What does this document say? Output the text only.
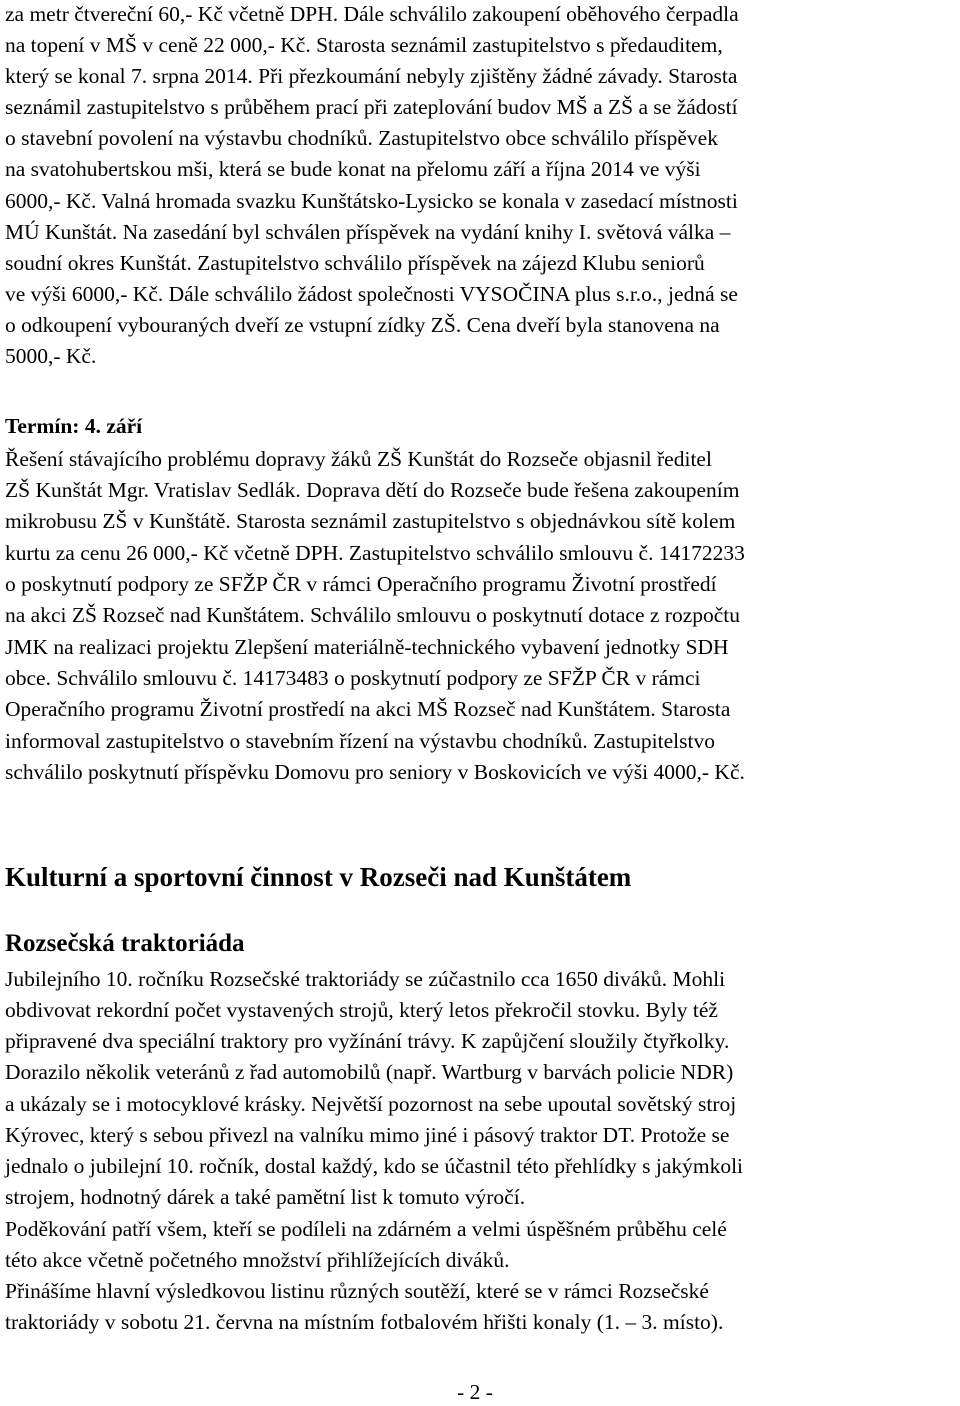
za metr čtvereční 60,- Kč včetně DPH. Dále schválilo zakoupení oběhového čerpadla
na topení v MŠ v ceně 22 000,- Kč. Starosta seznámil zastupitelstvo s předauditem,
který se konal 7. srpna 2014. Při přezkoumání nebyly zjištěny žádné závady. Starosta
seznámil zastupitelstvo s průběhem prací při zateplování budov MŠ a ZŠ a se žádostí
o stavební povolení na výstavbu chodníků. Zastupitelstvo obce schválilo příspěvek
na svatohubertskou mši, která se bude konat na přelomu září a října 2014 ve výši
6000,- Kč. Valná hromada svazku Kunštátsko-Lysicko se konala v zasedací místnosti
MÚ Kunštát. Na zasedání byl schválen příspěvek na vydání knihy I. světová válka –
soudní okres Kunštát. Zastupitelstvo schválilo příspěvek na zájezd Klubu seniorů
ve výši 6000,- Kč. Dále schválilo žádost společnosti VYSOČINA plus s.r.o., jedná se
o odkoupení vybouraných dveří ze vstupní zídky ZŠ. Cena dveří byla stanovena na
5000,- Kč.
Termín: 4. září
Řešení stávajícího problému dopravy žáků ZŠ Kunštát do Rozseče objasnil ředitel
ZŠ Kunštát Mgr. Vratislav Sedlák. Doprava dětí do Rozseče bude řešena zakoupením
mikrobusu ZŠ v Kunštátě. Starosta seznámil zastupitelstvo s objednávkou sítě kolem
kurtu za cenu 26 000,- Kč včetně DPH. Zastupitelstvo schválilo smlouvu č. 14172233
o poskytnutí podpory ze SFŽP ČR v rámci Operačního programu Životní prostředí
na akci ZŠ Rozseč nad Kunštátem. Schválilo smlouvu o poskytnutí dotace z rozpočtu
JMK na realizaci projektu Zlepšení materiálně-technického vybavení jednotky SDH
obce. Schválilo smlouvu č. 14173483 o poskytnutí podpory ze SFŽP ČR v rámci
Operačního programu Životní prostředí na akci MŠ Rozseč nad Kunštátem. Starosta
informoval zastupitelstvo o stavebním řízení na výstavbu chodníků. Zastupitelstvo
schválilo poskytnutí příspěvku Domovu pro seniory v Boskovicích ve výši 4000,- Kč.
Kulturní a sportovní činnost v Rozseči nad Kunštátem
Rozsečská traktoriáda
Jubilejního 10. ročníku Rozsečské traktoriády se zúčastnilo cca 1650 diváků. Mohli
obdivovat rekordní počet vystavených strojů, který letos překročil stovku. Byly též
připravené dva speciální traktory pro vyžínání trávy. K zapůjčení sloužily čtyřkolky.
Dorazilo několik veteránů z řad automobilů (např. Wartburg v barvách policie NDR)
a ukázaly se i motocyklové krásky. Největší pozornost na sebe upoutal sovětský stroj
Kýrovec, který s sebou přivezl na valníku mimo jiné i pásový traktor DT. Protože se
jednalo o jubilejní 10. ročník, dostal každý, kdo se účastnil této přehlídky s jakýmkoli
strojem, hodnotný dárek a také pamětní list k tomuto výročí.
Poděkování patří všem, kteří se podíleli na zdárném a velmi úspěšném průběhu celé
této akce včetně početného množství přihlížejících diváků.
Přinášíme hlavní výsledkovou listinu různých soutěží, které se v rámci Rozsečské
traktoriády v sobotu 21. června na místním fotbalovém hřišti konaly (1. – 3. místo).
- 2 -
